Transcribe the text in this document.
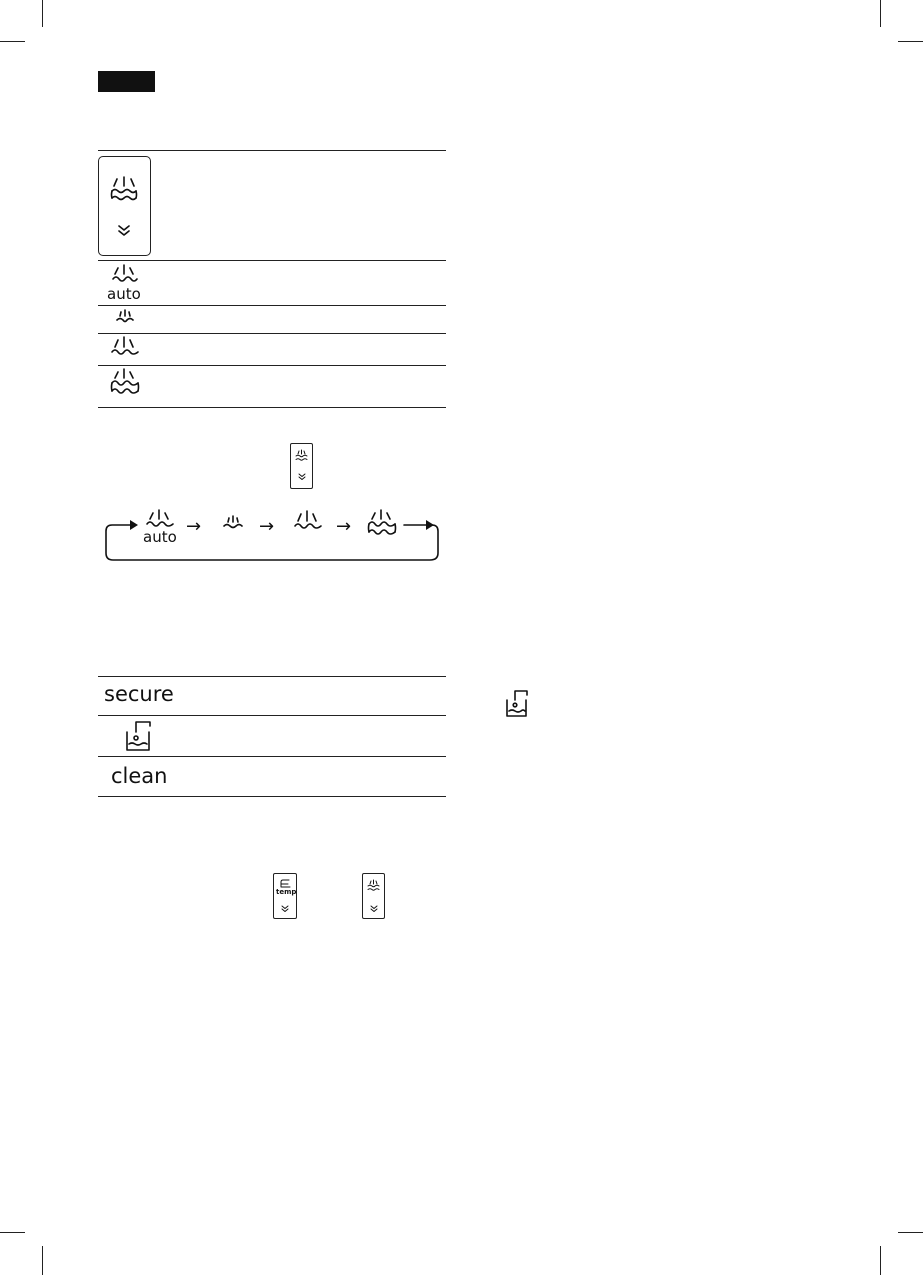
auto
auto →	→	→
secure
clean
temp
